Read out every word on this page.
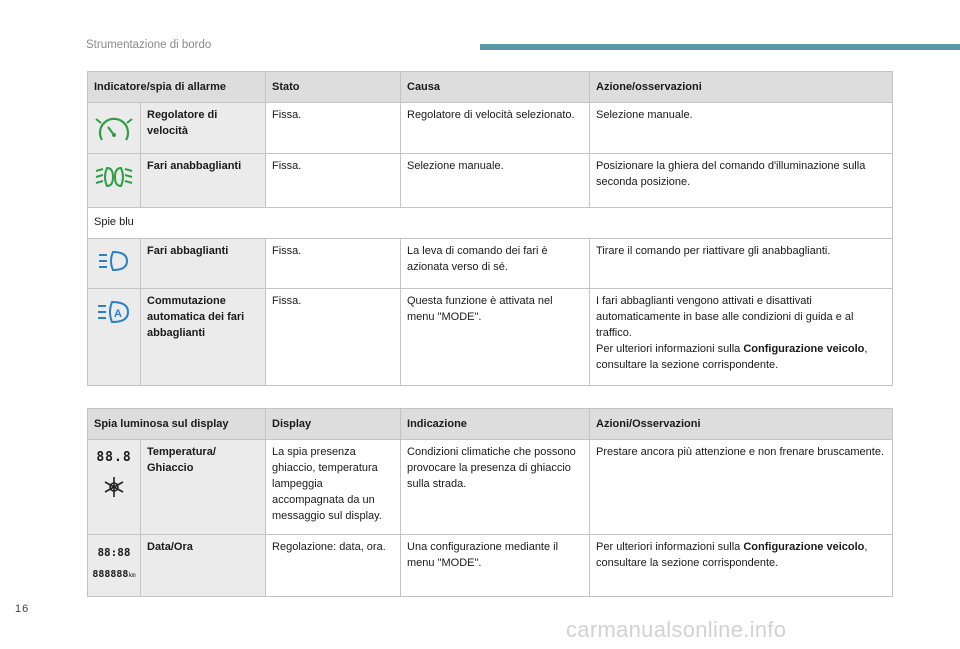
Strumentazione di bordo
Indicatore/spia di allarme		Stato	Causa	Azione/osservazioni
	Regolatore di velocità	Fissa.	Regolatore di velocità selezionato.	Selezione manuale.
	Fari anabbaglianti	Fissa.	Selezione manuale.	Posizionare la ghiera del comando d'illuminazione sulla seconda posizione.
Spie blu				
	Fari abbaglianti	Fissa.	La leva di comando dei fari è azionata verso di sé.	Tirare il comando per riattivare gli anabbaglianti.

A	Commutazione automatica dei fari abbaglianti	Fissa.	Questa funzione è attivata nel menu "MODE".	I fari abbaglianti vengono attivati e disattivati automaticamente in base alle condizioni di guida e al traffico.
Per ulteriori informazioni sulla Configurazione veicolo, consultare la sezione corrispondente.
Spia luminosa sul display		Display	Indicazione	Azioni/Osservazioni

88.8	Temperatura/ Ghiaccio	La spia presenza ghiaccio, temperatura lampeggia accompagnata da un messaggio sul display.	Condizioni climatiche che possono provocare la presenza di ghiaccio sulla strada.	Prestare ancora più attenzione e non frenare bruscamente.

88:88
888888km	Data/Ora	Regolazione: data, ora.	Una configurazione mediante il menu "MODE".	Per ulteriori informazioni sulla Configurazione veicolo, consultare la sezione corrispondente.
16
carmanualsonline.info
